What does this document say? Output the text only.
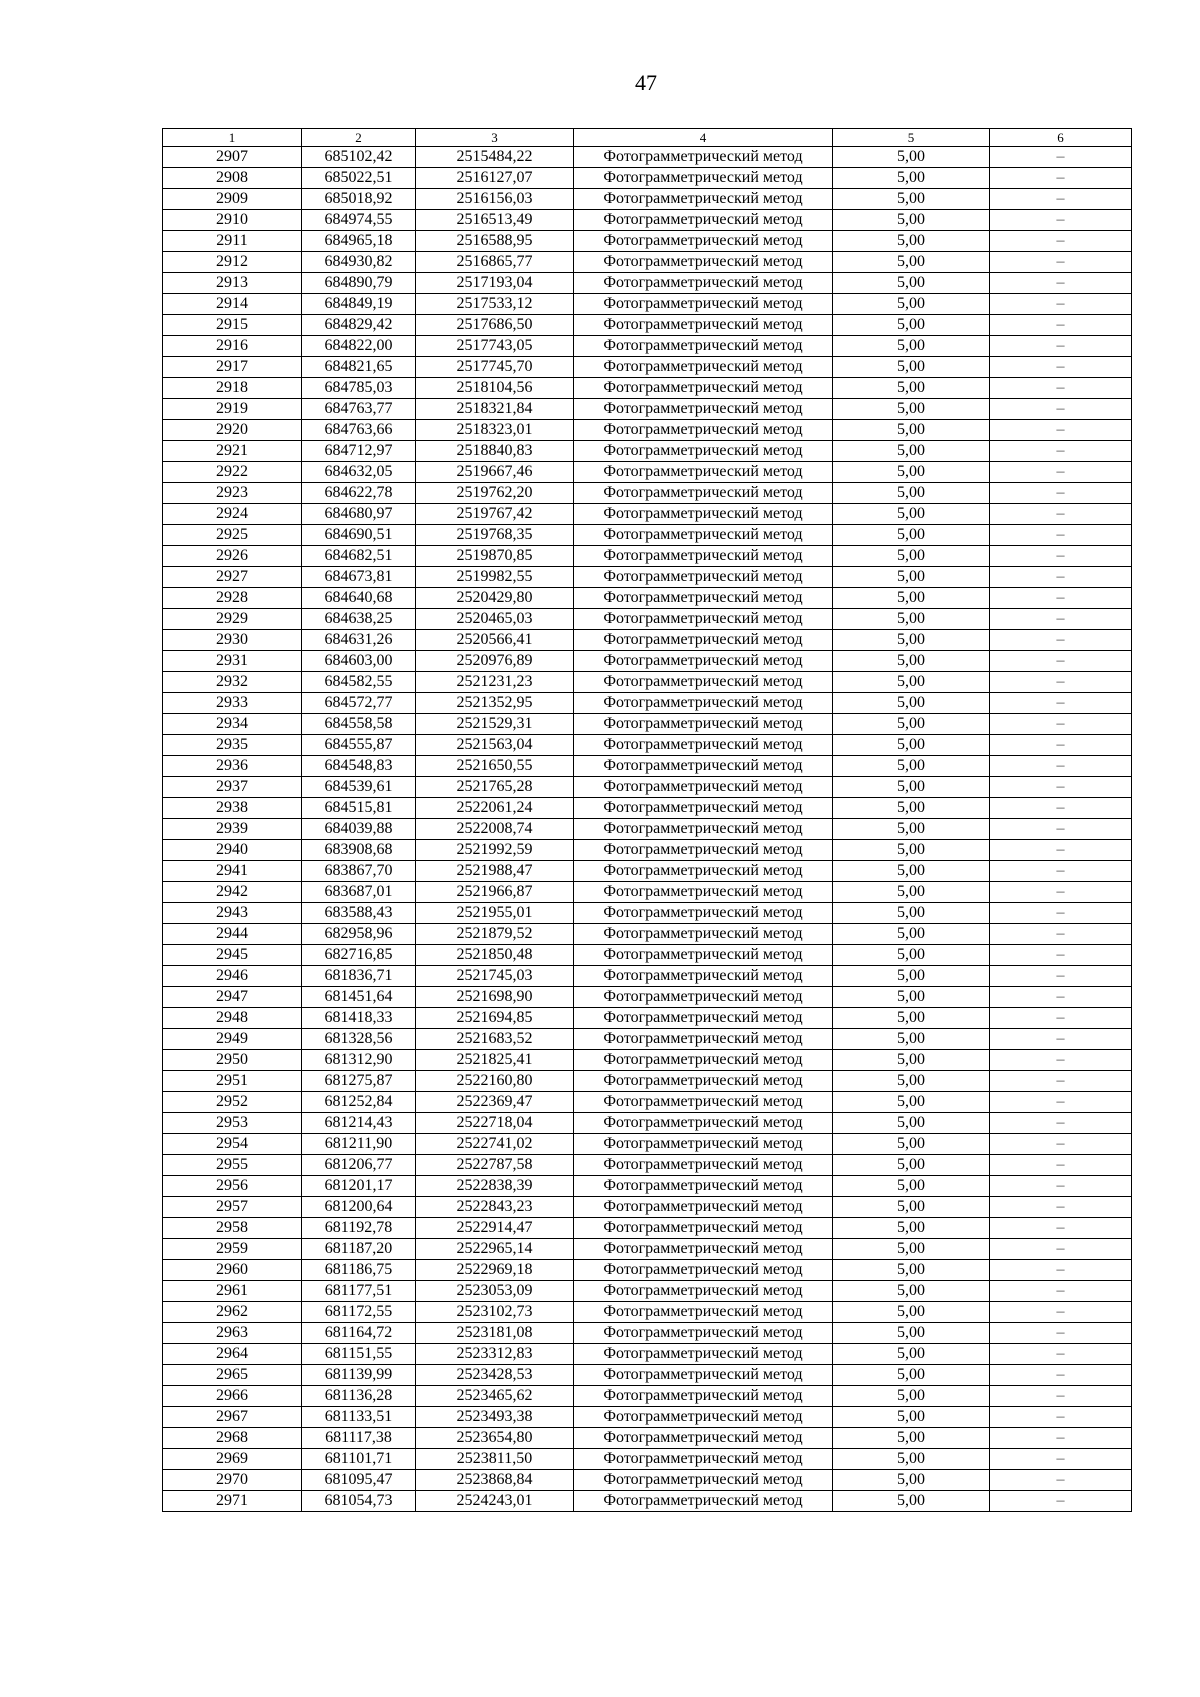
47
1	2	3	4	5	6
2907	685102,42	2515484,22	Фотограмметрический метод	5,00	–
2908	685022,51	2516127,07	Фотограмметрический метод	5,00	–
2909	685018,92	2516156,03	Фотограмметрический метод	5,00	–
2910	684974,55	2516513,49	Фотограмметрический метод	5,00	–
2911	684965,18	2516588,95	Фотограмметрический метод	5,00	–
2912	684930,82	2516865,77	Фотограмметрический метод	5,00	–
2913	684890,79	2517193,04	Фотограмметрический метод	5,00	–
2914	684849,19	2517533,12	Фотограмметрический метод	5,00	–
2915	684829,42	2517686,50	Фотограмметрический метод	5,00	–
2916	684822,00	2517743,05	Фотограмметрический метод	5,00	–
2917	684821,65	2517745,70	Фотограмметрический метод	5,00	–
2918	684785,03	2518104,56	Фотограмметрический метод	5,00	–
2919	684763,77	2518321,84	Фотограмметрический метод	5,00	–
2920	684763,66	2518323,01	Фотограмметрический метод	5,00	–
2921	684712,97	2518840,83	Фотограмметрический метод	5,00	–
2922	684632,05	2519667,46	Фотограмметрический метод	5,00	–
2923	684622,78	2519762,20	Фотограмметрический метод	5,00	–
2924	684680,97	2519767,42	Фотограмметрический метод	5,00	–
2925	684690,51	2519768,35	Фотограмметрический метод	5,00	–
2926	684682,51	2519870,85	Фотограмметрический метод	5,00	–
2927	684673,81	2519982,55	Фотограмметрический метод	5,00	–
2928	684640,68	2520429,80	Фотограмметрический метод	5,00	–
2929	684638,25	2520465,03	Фотограмметрический метод	5,00	–
2930	684631,26	2520566,41	Фотограмметрический метод	5,00	–
2931	684603,00	2520976,89	Фотограмметрический метод	5,00	–
2932	684582,55	2521231,23	Фотограмметрический метод	5,00	–
2933	684572,77	2521352,95	Фотограмметрический метод	5,00	–
2934	684558,58	2521529,31	Фотограмметрический метод	5,00	–
2935	684555,87	2521563,04	Фотограмметрический метод	5,00	–
2936	684548,83	2521650,55	Фотограмметрический метод	5,00	–
2937	684539,61	2521765,28	Фотограмметрический метод	5,00	–
2938	684515,81	2522061,24	Фотограмметрический метод	5,00	–
2939	684039,88	2522008,74	Фотограмметрический метод	5,00	–
2940	683908,68	2521992,59	Фотограмметрический метод	5,00	–
2941	683867,70	2521988,47	Фотограмметрический метод	5,00	–
2942	683687,01	2521966,87	Фотограмметрический метод	5,00	–
2943	683588,43	2521955,01	Фотограмметрический метод	5,00	–
2944	682958,96	2521879,52	Фотограмметрический метод	5,00	–
2945	682716,85	2521850,48	Фотограмметрический метод	5,00	–
2946	681836,71	2521745,03	Фотограмметрический метод	5,00	–
2947	681451,64	2521698,90	Фотограмметрический метод	5,00	–
2948	681418,33	2521694,85	Фотограмметрический метод	5,00	–
2949	681328,56	2521683,52	Фотограмметрический метод	5,00	–
2950	681312,90	2521825,41	Фотограмметрический метод	5,00	–
2951	681275,87	2522160,80	Фотограмметрический метод	5,00	–
2952	681252,84	2522369,47	Фотограмметрический метод	5,00	–
2953	681214,43	2522718,04	Фотограмметрический метод	5,00	–
2954	681211,90	2522741,02	Фотограмметрический метод	5,00	–
2955	681206,77	2522787,58	Фотограмметрический метод	5,00	–
2956	681201,17	2522838,39	Фотограмметрический метод	5,00	–
2957	681200,64	2522843,23	Фотограмметрический метод	5,00	–
2958	681192,78	2522914,47	Фотограмметрический метод	5,00	–
2959	681187,20	2522965,14	Фотограмметрический метод	5,00	–
2960	681186,75	2522969,18	Фотограмметрический метод	5,00	–
2961	681177,51	2523053,09	Фотограмметрический метод	5,00	–
2962	681172,55	2523102,73	Фотограмметрический метод	5,00	–
2963	681164,72	2523181,08	Фотограмметрический метод	5,00	–
2964	681151,55	2523312,83	Фотограмметрический метод	5,00	–
2965	681139,99	2523428,53	Фотограмметрический метод	5,00	–
2966	681136,28	2523465,62	Фотограмметрический метод	5,00	–
2967	681133,51	2523493,38	Фотограмметрический метод	5,00	–
2968	681117,38	2523654,80	Фотограмметрический метод	5,00	–
2969	681101,71	2523811,50	Фотограмметрический метод	5,00	–
2970	681095,47	2523868,84	Фотограмметрический метод	5,00	–
2971	681054,73	2524243,01	Фотограмметрический метод	5,00	–
